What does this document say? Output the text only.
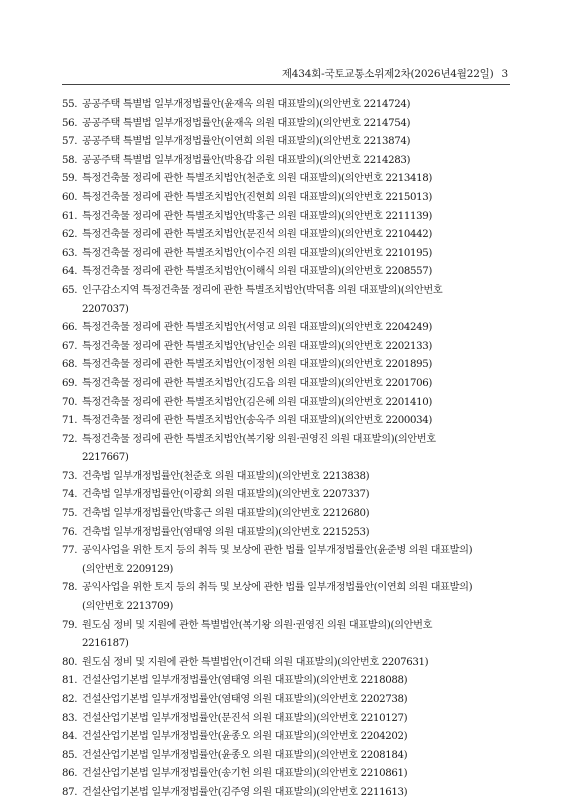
제434회-국토교통소위제2차(2026년4월22일) 3
55. 공공주택 특별법 일부개정법률안(윤재옥 의원 대표발의)(의안번호 2214724)
56. 공공주택 특별법 일부개정법률안(윤재옥 의원 대표발의)(의안번호 2214754)
57. 공공주택 특별법 일부개정법률안(이연희 의원 대표발의)(의안번호 2213874)
58. 공공주택 특별법 일부개정법률안(박용갑 의원 대표발의)(의안번호 2214283)
59. 특정건축물 정리에 관한 특별조치법안(천준호 의원 대표발의)(의안번호 2213418)
60. 특정건축물 정리에 관한 특별조치법안(진현희 의원 대표발의)(의안번호 2215013)
61. 특정건축물 정리에 관한 특별조치법안(박홍근 의원 대표발의)(의안번호 2211139)
62. 특정건축물 정리에 관한 특별조치법안(문진석 의원 대표발의)(의안번호 2210442)
63. 특정건축물 정리에 관한 특별조치법안(이수진 의원 대표발의)(의안번호 2210195)
64. 특정건축물 정리에 관한 특별조치법안(이해식 의원 대표발의)(의안번호 2208557)
65. 인구감소지역 특정건축물 정리에 관한 특별조치법안(박덕흠 의원 대표발의)(의안번호
2207037)
66. 특정건축물 정리에 관한 특별조치법안(서영교 의원 대표발의)(의안번호 2204249)
67. 특정건축물 정리에 관한 특별조치법안(남인순 의원 대표발의)(의안번호 2202133)
68. 특정건축물 정리에 관한 특별조치법안(이정헌 의원 대표발의)(의안번호 2201895)
69. 특정건축물 정리에 관한 특별조치법안(김도읍 의원 대표발의)(의안번호 2201706)
70. 특정건축물 정리에 관한 특별조치법안(김은혜 의원 대표발의)(의안번호 2201410)
71. 특정건축물 정리에 관한 특별조치법안(송옥주 의원 대표발의)(의안번호 2200034)
72. 특정건축물 정리에 관한 특별조치법안(복기왕 의원·권영진 의원 대표발의)(의안번호
2217667)
73. 건축법 일부개정법률안(천준호 의원 대표발의)(의안번호 2213838)
74. 건축법 일부개정법률안(이광희 의원 대표발의)(의안번호 2207337)
75. 건축법 일부개정법률안(박홍근 의원 대표발의)(의안번호 2212680)
76. 건축법 일부개정법률안(염태영 의원 대표발의)(의안번호 2215253)
77. 공익사업을 위한 토지 등의 취득 및 보상에 관한 법률 일부개정법률안(윤준병 의원 대표발의)
(의안번호 2209129)
78. 공익사업을 위한 토지 등의 취득 및 보상에 관한 법률 일부개정법률안(이연희 의원 대표발의)
(의안번호 2213709)
79. 원도심 정비 및 지원에 관한 특별법안(복기왕 의원·권영진 의원 대표발의)(의안번호
2216187)
80. 원도심 정비 및 지원에 관한 특별법안(이건태 의원 대표발의)(의안번호 2207631)
81. 건설산업기본법 일부개정법률안(염태영 의원 대표발의)(의안번호 2218088)
82. 건설산업기본법 일부개정법률안(염태영 의원 대표발의)(의안번호 2202738)
83. 건설산업기본법 일부개정법률안(문진석 의원 대표발의)(의안번호 2210127)
84. 건설산업기본법 일부개정법률안(윤종오 의원 대표발의)(의안번호 2204202)
85. 건설산업기본법 일부개정법률안(윤종오 의원 대표발의)(의안번호 2208184)
86. 건설산업기본법 일부개정법률안(송기헌 의원 대표발의)(의안번호 2210861)
87. 건설산업기본법 일부개정법률안(김주영 의원 대표발의)(의안번호 2211613)
